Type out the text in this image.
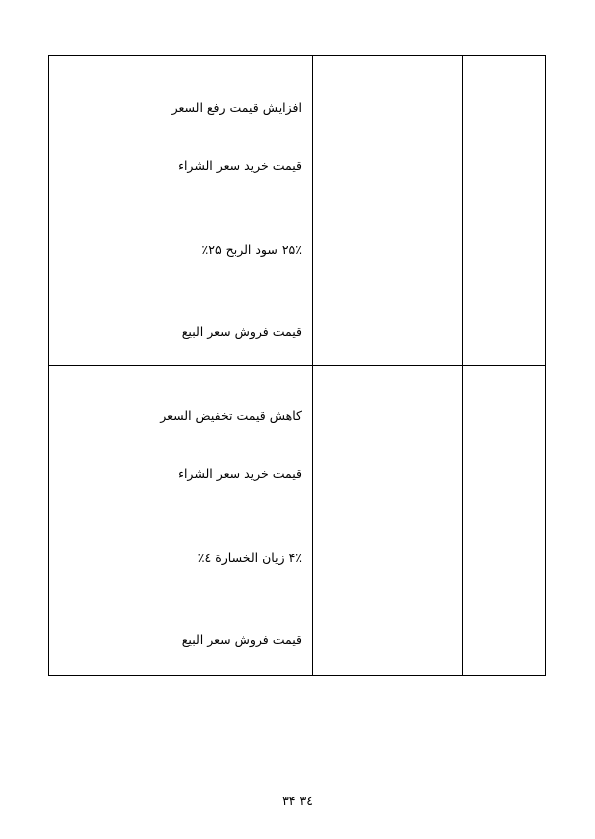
افزایش قیمت رفع السعر
قیمت خرید سعر الشراء
۲۵٪ سود الربح ۲۵٪
قیمت فروش سعر البيع
کاهش قیمت تخفيض السعر
قیمت خرید سعر الشراء
۴٪ زیان الخسارة ٤٪
قیمت فروش سعر البيع
۳۴ ٣٤
